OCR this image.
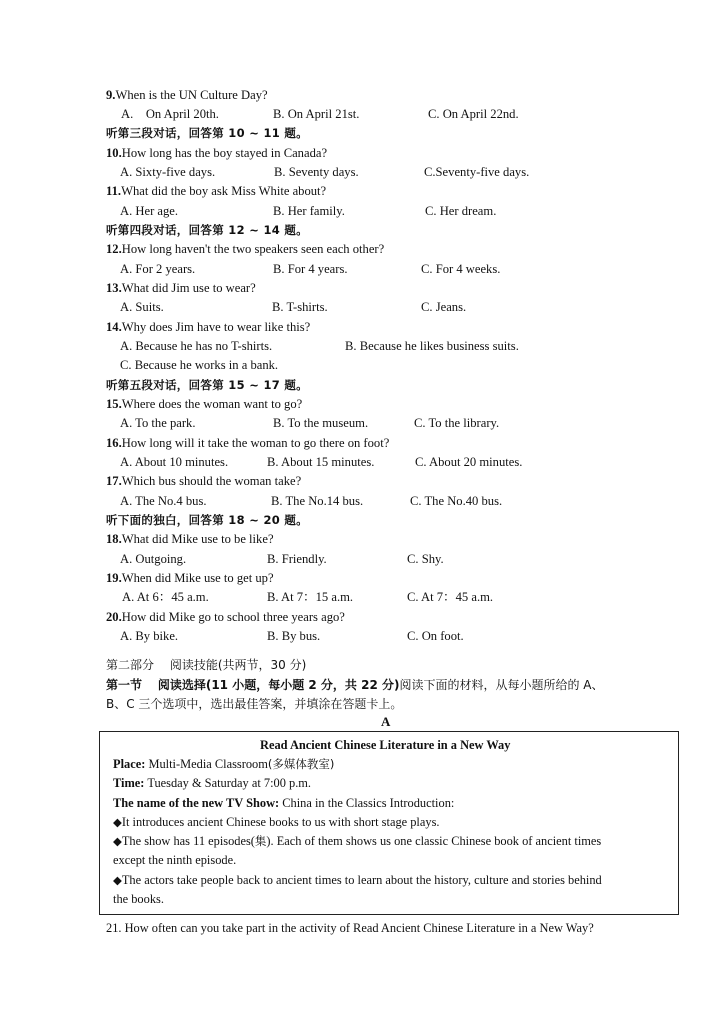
9.When is the UN Culture Day?
A.　On April 20th.	B. On April 21st.	C. On April 22nd.
听第三段对话，回答第 10 ~ 11 题。
10.How long has the boy stayed in Canada?
A. Sixty-five days.	B. Seventy days.	C.Seventy-five days.
11.What did the boy ask Miss White about?
A. Her age.	B. Her family.	C. Her dream.
听第四段对话，回答第 12 ~ 14 题。
12.How long haven't the two speakers seen each other?
A. For 2 years.	B. For 4 years.	C. For 4 weeks.
13.What did Jim use to wear?
A. Suits.	B. T-shirts.	C. Jeans.
14.Why does Jim have to wear like this?
A. Because he has no T-shirts.	B. Because he likes business suits.
C. Because he works in a bank.
听第五段对话，回答第 15 ~ 17 题。
15.Where does the woman want to go?
A. To the park.	B. To the museum.	C. To the library.
16.How long will it take the woman to go there on foot?
A. About 10 minutes.	B. About 15 minutes.	C. About 20 minutes.
17.Which bus should the woman take?
A. The No.4 bus.	B. The No.14 bus.	C. The No.40 bus.
听下面的独白，回答第 18 ~ 20 题。
18.What did Mike use to be like?
A. Outgoing.	B. Friendly.	C. Shy.
19.When did Mike use to get up?
A. At 6：45 a.m.	B. At 7：15 a.m.	C. At 7：45 a.m.
20.How did Mike go to school three years ago?
A. By bike.	B. By bus.	C. On foot.
第二部分　 阅读技能(共两节，30 分)
第一节　 阅读选择(11 小题，每小题 2 分，共 22 分)阅读下面的材料，从每小题所给的 A、
B、C 三个选项中，选出最佳答案，并填涂在答题卡上。
A
Read Ancient Chinese Literature in a New Way
Place: Multi-Media Classroom(多媒体教室)
Time: Tuesday & Saturday at 7:00 p.m.
The name of the new TV Show: China in the Classics Introduction:
◆It introduces ancient Chinese books to us with short stage plays.
◆The show has 11 episodes(集). Each of them shows us one classic Chinese book of ancient times
except the ninth episode.
◆The actors take people back to ancient times to learn about the history, culture and stories behind
the books.
21. How often can you take part in the activity of Read Ancient Chinese Literature in a New Way?
